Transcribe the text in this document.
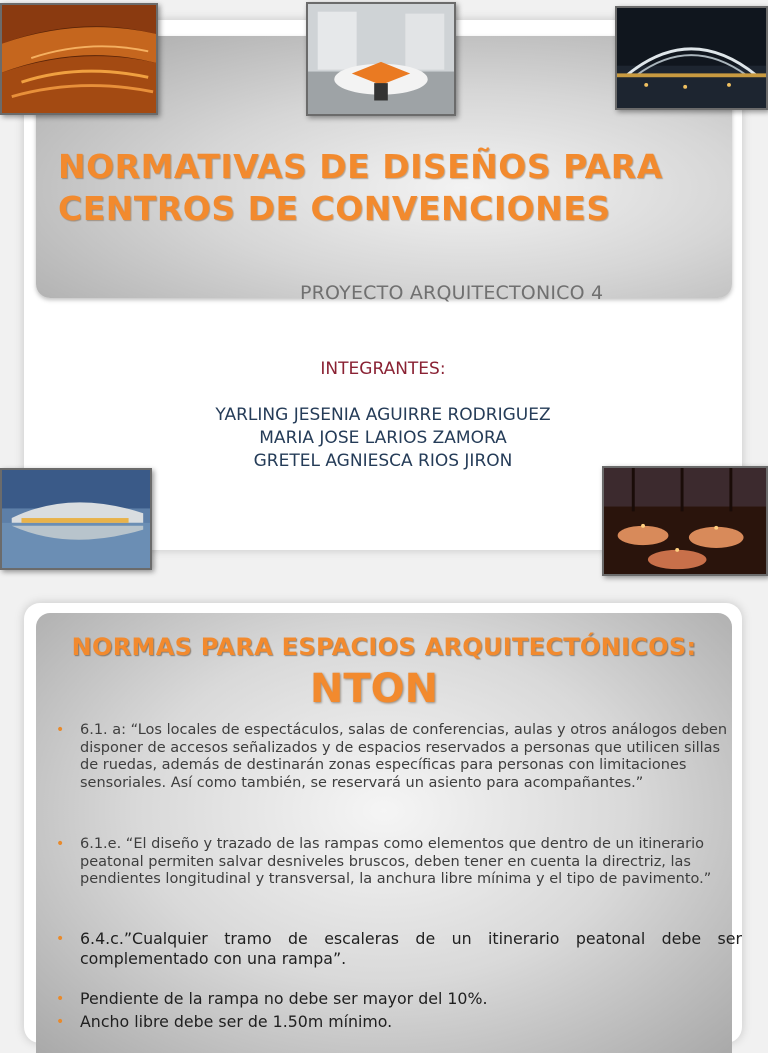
NORMATIVAS DE DISEÑOS PARA CENTROS DE CONVENCIONES

PROYECTO ARQUITECTONICO 4

INTEGRANTES:
YARLING JESENIA AGUIRRE RODRIGUEZ
MARIA JOSE LARIOS ZAMORA
GRETEL AGNIESCA RIOS JIRON
NORMAS PARA ESPACIOS ARQUITECTÓNICOS:
NTON
• 6.1. a: “Los locales de espectáculos, salas de conferencias, aulas y otros análogos deben disponer de accesos señalizados y de espacios reservados a personas que utilicen sillas de ruedas, además de destinarán zonas específicas para personas con limitaciones sensoriales. Así como también, se reservará un asiento para acompañantes.”
• 6.1.e. “El diseño y trazado de las rampas como elementos que dentro de un itinerario peatonal permiten salvar desniveles bruscos, deben tener en cuenta la directriz, las pendientes longitudinal y transversal, la anchura libre mínima y el tipo de pavimento.”
• 6.4.c.”Cualquier tramo de escaleras de un itinerario peatonal debe ser complementado con una rampa”.
• Pendiente de la rampa no debe ser mayor del 10%.
• Ancho libre debe ser de 1.50m mínimo.
